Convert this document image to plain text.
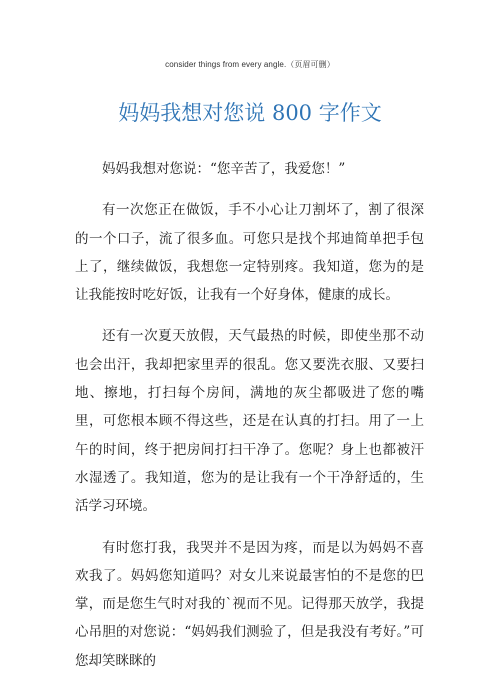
consider things from every angle.（页眉可删）
妈妈我想对您说 800 字作文

妈妈我想对您说：“您辛苦了，我爱您！”

有一次您正在做饭，手不小心让刀割坏了，割了很深的一个口子，流了很多血。可您只是找个邦迪简单把手包上了，继续做饭，我想您一定特别疼。我知道，您为的是让我能按时吃好饭，让我有一个好身体，健康的成长。

还有一次夏天放假，天气最热的时候，即使坐那不动也会出汗，我却把家里弄的很乱。您又要洗衣服、又要扫地、擦地，打扫每个房间，满地的灰尘都吸进了您的嘴里，可您根本顾不得这些，还是在认真的打扫。用了一上午的时间，终于把房间打扫干净了。您呢？身上也都被汗水湿透了。我知道，您为的是让我有一个干净舒适的，生活学习环境。

有时您打我，我哭并不是因为疼，而是以为妈妈不喜欢我了。妈妈您知道吗？对女儿来说最害怕的不是您的巴掌，而是您生气时对我的`视而不见。记得那天放学，我提心吊胆的对您说：“妈妈我们测验了，但是我没有考好。”可您却笑眯眯的
